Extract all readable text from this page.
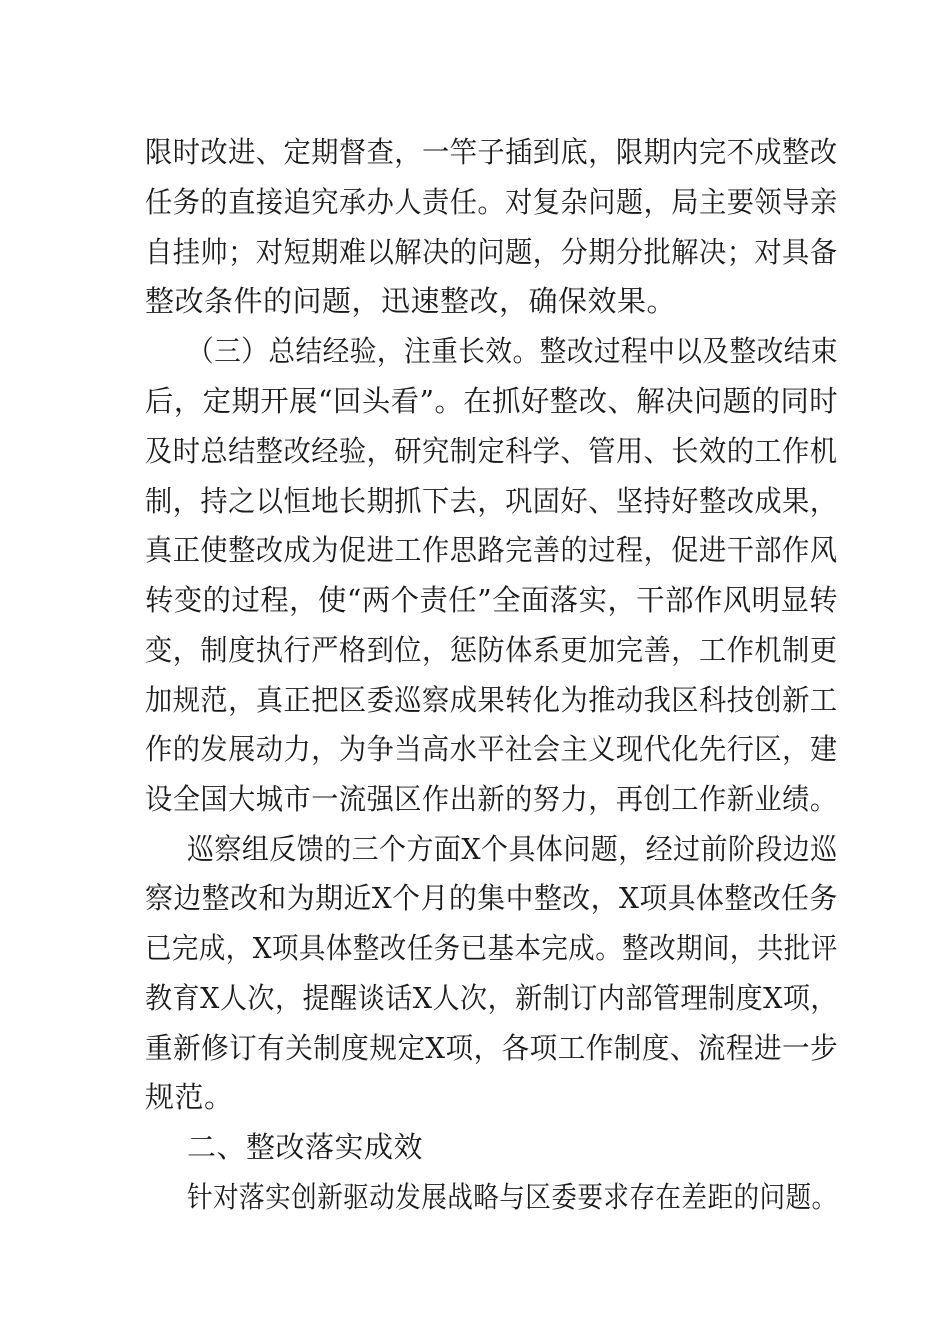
限时改进、定期督查，一竿子插到底，限期内完不成整改
任务的直接追究承办人责任。对复杂问题，局主要领导亲
自挂帅；对短期难以解决的问题，分期分批解决；对具备
整改条件的问题，迅速整改，确保效果。
（三）总结经验，注重长效。整改过程中以及整改结束
后，定期开展“回头看”。在抓好整改、解决问题的同时
及时总结整改经验，研究制定科学、管用、长效的工作机
制，持之以恒地长期抓下去，巩固好、坚持好整改成果，
真正使整改成为促进工作思路完善的过程，促进干部作风
转变的过程，使“两个责任”全面落实，干部作风明显转
变，制度执行严格到位，惩防体系更加完善，工作机制更
加规范，真正把区委巡察成果转化为推动我区科技创新工
作的发展动力，为争当高水平社会主义现代化先行区，建
设全国大城市一流强区作出新的努力，再创工作新业绩。
巡察组反馈的三个方面X个具体问题，经过前阶段边巡
察边整改和为期近X个月的集中整改，X项具体整改任务
已完成，X项具体整改任务已基本完成。整改期间，共批评
教育X人次，提醒谈话X人次，新制订内部管理制度X项，
重新修订有关制度规定X项，各项工作制度、流程进一步
规范。
二、整改落实成效
针对落实创新驱动发展战略与区委要求存在差距的问题。
